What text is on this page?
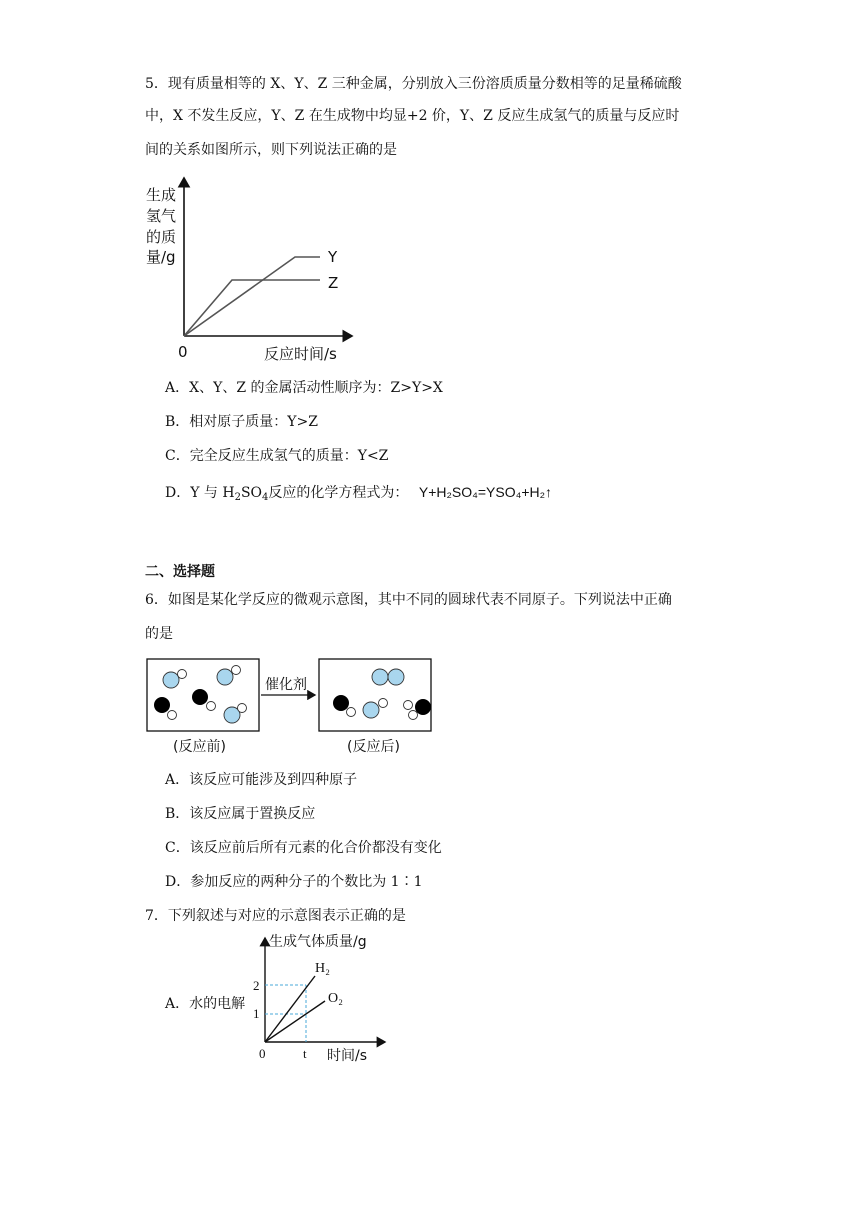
5．现有质量相等的 X、Y、Z 三种金属，分别放入三份溶质质量分数相等的足量稀硫酸
中，X 不发生反应，Y、Z 在生成物中均显+2 价，Y、Z 反应生成氢气的质量与反应时
间的关系如图所示，则下列说法正确的是
生成
氢气
的质
量/g
0	反应时间/s
Y
Z
A．X、Y、Z 的金属活动性顺序为：Z>Y>X
B．相对原子质量：Y>Z
C．完全反应生成氢气的质量：Y<Z
D．Y 与 $H_2SO_4$反应的化学方程式为： Y+H₂SO₄=YSO₄+H₂↑
二、选择题
6．如图是某化学反应的微观示意图，其中不同的圆球代表不同原子。下列说法中正确
的是
催化剂
(反应前)	(反应后)
A．该反应可能涉及到四种原子
B．该反应属于置换反应
C．该反应前后所有元素的化合价都没有变化
D．参加反应的两种分子的个数比为 1∶1
7．下列叙述与对应的示意图表示正确的是
A．水的电解
生成气体质量/g
2
1
0	t 时间/s
H₂
O₂
